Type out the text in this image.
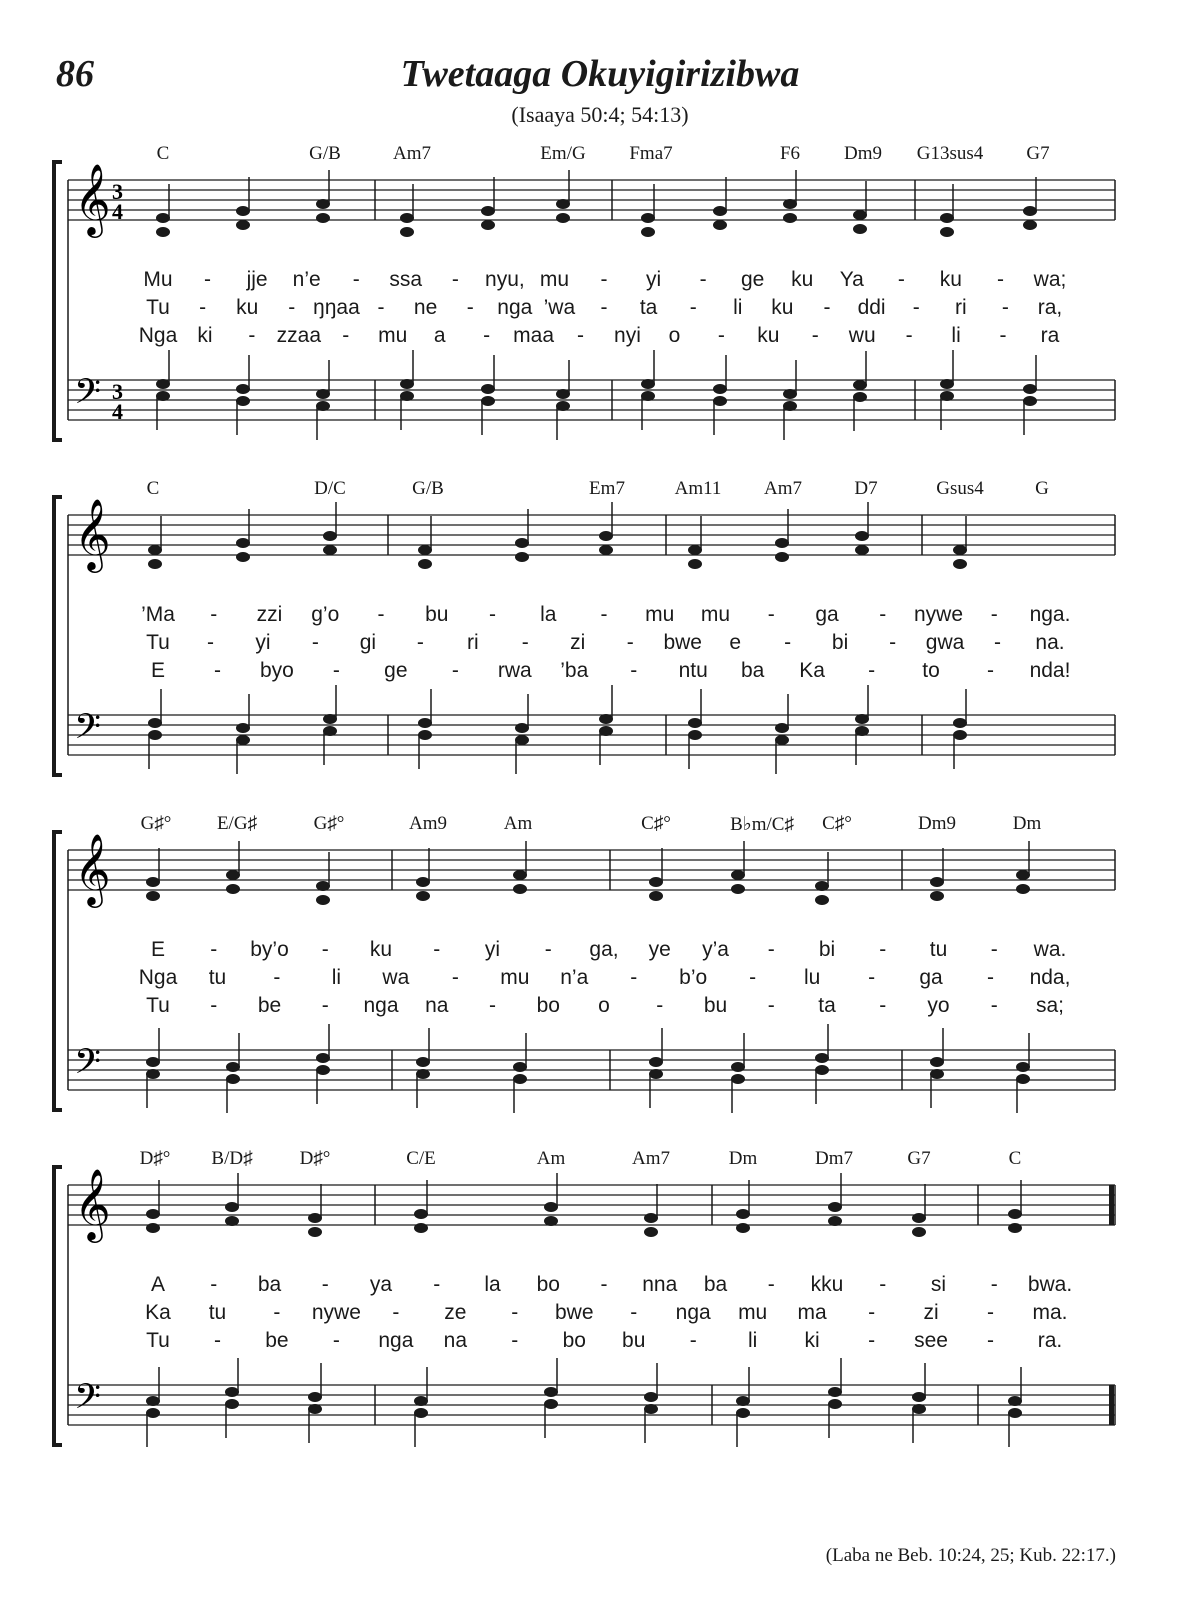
86	Twetaaga Okuyigirizibwa
(Isaaya 50:4; 54:13)
𝄞
𝄢
3
4
3
4
C	G/B	Am7	Em/G Fma7	F6 Dm9 G13sus4 G7
Mu - jje n’e - ssa - nyu, mu - yi - ge ku Ya - ku - wa;
Tu - ku - ŋŋaa - ne - nga ’wa - ta - li ku - ddi - ri - ra,
Nga ki - zzaa - mu a - maa - nyi o - ku - wu - li - ra
𝄞
𝄢
C	D/C	G/B	Em7	Am11 Am7	D7	Gsus4	G
’Ma - zzi g’o - bu - la - mu mu - ga - nywe - nga.
Tu - yi - gi - ri - zi - bwe e - bi - gwa - na.
E - byo - ge - rwa ’ba - ntu ba Ka - to - nda!
𝄞
𝄢
G♯° E/G♯	G♯°	Am9	Am	C♯°	B♭m/C♯ C♯°	Dm9	Dm
E - by’o - ku - yi - ga, ye y’a - bi - tu - wa.
Nga tu - li wa - mu n’a - b’o - lu - ga - nda,
Tu - be - nga na - bo o - bu - ta - yo - sa;
𝄞
𝄢
D♯° B/D♯ D♯°	C/E	Am	Am7	Dm	Dm7	G7	C
A - ba - ya - la bo - nna ba - kku - si - bwa.
Ka tu - nywe - ze - bwe - nga mu ma - zi - ma.
Tu - be - nga na - bo bu - li ki - see - ra.
(Laba ne Beb. 10:24, 25; Kub. 22:17.)
